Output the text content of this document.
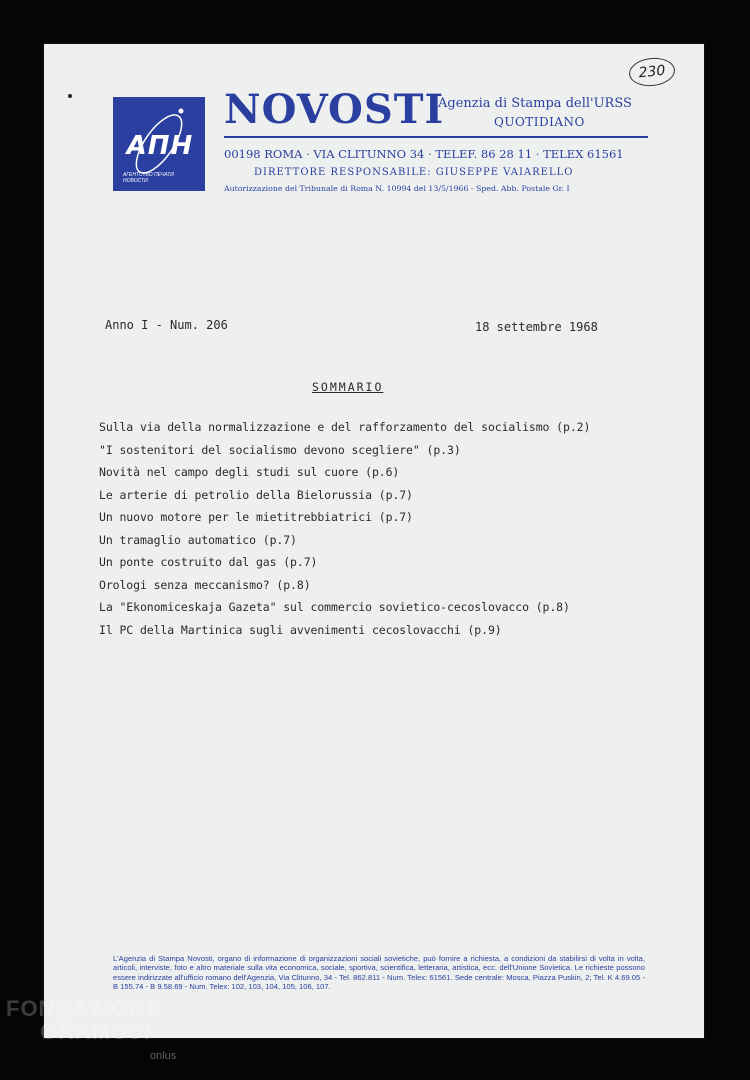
230
АПН
АГЕНТСТВО ПЕЧАТИ НОВОСТИ
NOVOSTI
Agenzia di Stampa dell'URSS
QUOTIDIANO
00198 ROMA · VIA CLITUNNO 34 · TELEF. 86 28 11 · TELEX 61561
DIRETTORE RESPONSABILE: GIUSEPPE VAIARELLO
Autorizzazione del Tribunale di Roma N. 10994 del 13/5/1966 - Sped. Abb. Postale Gr. I
Anno I - Num. 206	18 settembre 1968
SOMMARIO
Sulla via della normalizzazione e del rafforzamento del socialismo (p.2)
"I sostenitori del socialismo devono scegliere" (p.3)
Novità nel campo degli studi sul cuore (p.6)
Le arterie di petrolio della Bielorussia (p.7)
Un nuovo motore per le mietitrebbiatrici (p.7)
Un tramaglio automatico (p.7)
Un ponte costruito dal gas (p.7)
Orologi senza meccanismo? (p.8)
La "Ekonomiceskaja Gazeta" sul commercio sovietico-cecoslovacco (p.8)
Il PC della Martinica sugli avvenimenti cecoslovacchi (p.9)
L'Agenzia di Stampa Novosti, organo di informazione di organizzazioni sociali sovietiche, può fornire a richiesta, a condizioni da stabilirsi di volta in volta, articoli, interviste, foto e altro materiale sulla vita economica, sociale, sportiva, scientifica, letteraria, artistica, ecc. dell'Unione Sovietica. Le richieste possono essere indirizzate all'ufficio romano dell'Agenzia, Via Clitunno, 34 - Tel. 862.811 - Num. Telex: 61561. Sede centrale: Mosca, Piazza Puskin, 2; Tel. K 4.69.05 - B 155.74 - B 9.58.69 - Num. Telex: 102, 103, 104, 105, 106, 107.
FONDAZIONE
GRAMSCI
onlus
